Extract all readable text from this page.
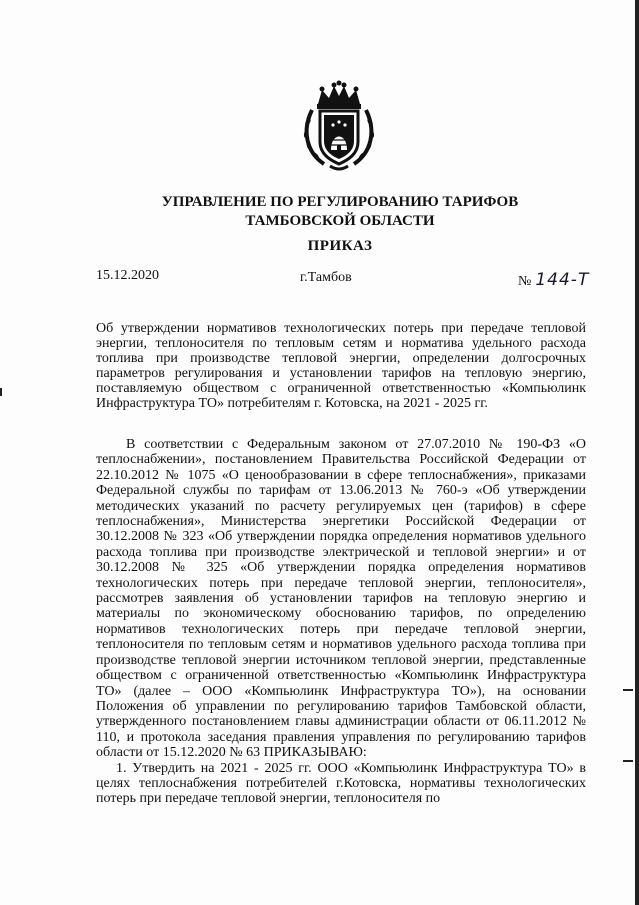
УПРАВЛЕНИЕ ПО РЕГУЛИРОВАНИЮ ТАРИФОВ
ТАМБОВСКОЙ ОБЛАСТИ
ПРИКАЗ
15.12.2020	г.Тамбов	№ 144-Т
Об утверждении нормативов технологических потерь при передаче тепловой энергии, теплоносителя по тепловым сетям и норматива удельного расхода топлива при производстве тепловой энергии, определении долгосрочных параметров регулирования и установлении тарифов на тепловую энергию, поставляемую обществом с ограниченной ответственностью «Компьюлинк Инфраструктура ТО» потребителям г. Котовска, на 2021 - 2025 гг.

В соответствии с Федеральным законом от 27.07.2010 № 190-ФЗ «О теплоснабжении», постановлением Правительства Российской Федерации от 22.10.2012 № 1075 «О ценообразовании в сфере теплоснабжения», приказами Федеральной службы по тарифам от 13.06.2013 № 760-э «Об утверждении методических указаний по расчету регулируемых цен (тарифов) в сфере теплоснабжения», Министерства энергетики Российской Федерации от 30.12.2008 № 323 «Об утверждении порядка определения нормативов удельного расхода топлива при производстве электрической и тепловой энергии» и от 30.12.2008 № 325 «Об утверждении порядка определения нормативов технологических потерь при передаче тепловой энергии, теплоносителя», рассмотрев заявления об установлении тарифов на тепловую энергию и материалы по экономическому обоснованию тарифов, по определению нормативов технологических потерь при передаче тепловой энергии, теплоносителя по тепловым сетям и нормативов удельного расхода топлива при производстве тепловой энергии источником тепловой энергии, представленные обществом с ограниченной ответственностью «Компьюлинк Инфраструктура ТО» (далее – ООО «Компьюлинк Инфраструктура ТО»), на основании Положения об управлении по регулированию тарифов Тамбовской области, утвержденного постановлением главы администрации области от 06.11.2012 № 110, и протокола заседания правления управления по регулированию тарифов области от 15.12.2020 № 63 ПРИКАЗЫВАЮ:

1. Утвердить на 2021 - 2025 гг. ООО «Компьюлинк Инфраструктура ТО» в целях теплоснабжения потребителей г.Котовска, нормативы технологических потерь при передаче тепловой энергии, теплоносителя по
